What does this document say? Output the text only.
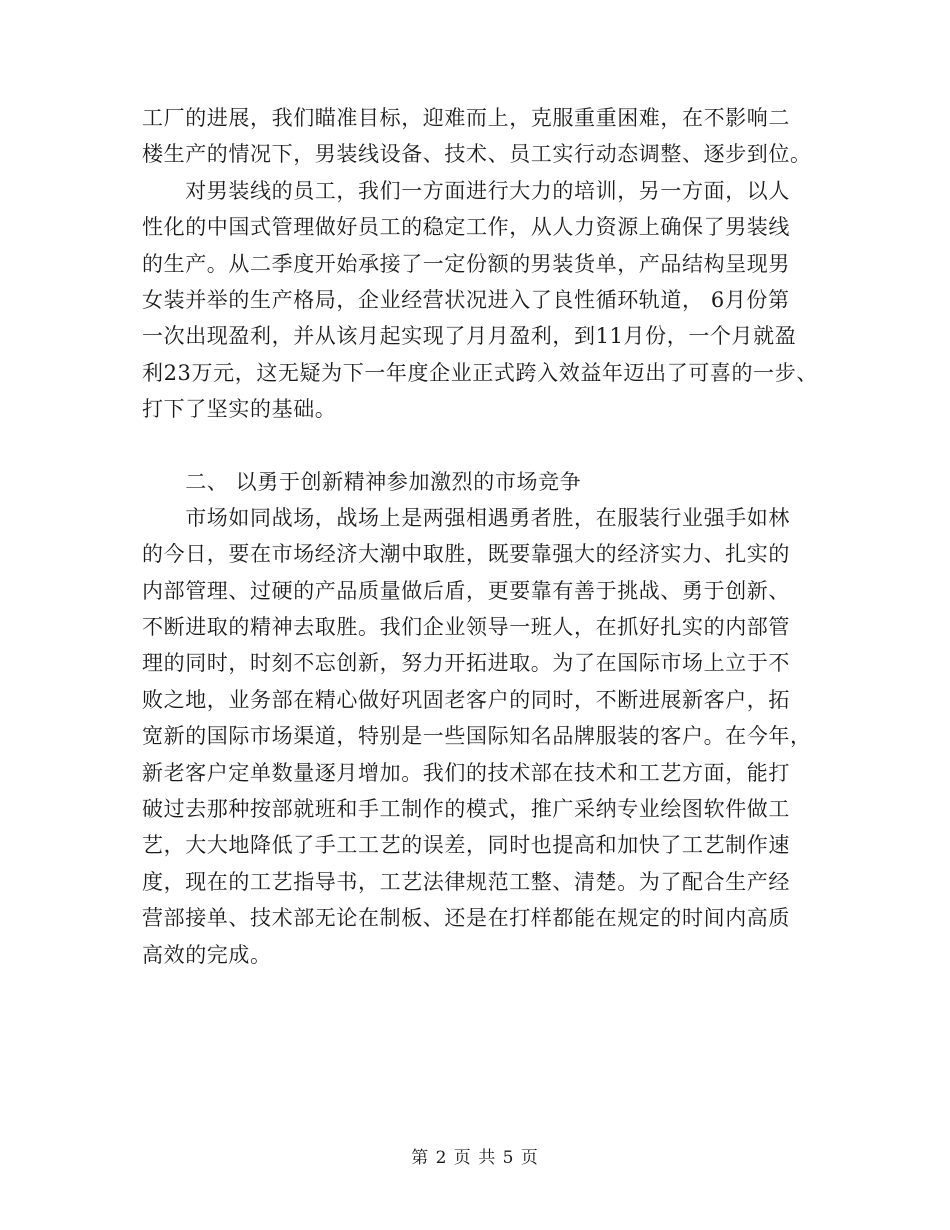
工厂的进展，我们瞄准目标，迎难而上，克服重重困难，在不影响二
楼生产的情况下，男装线设备、技术、员工实行动态调整、逐步到位。
　　对男装线的员工，我们一方面进行大力的培训，另一方面，以人
性化的中国式管理做好员工的稳定工作，从人力资源上确保了男装线
的生产。从二季度开始承接了一定份额的男装货单，产品结构呈现男
女装并举的生产格局，企业经营状况进入了良性循环轨道， 6月份第
一次出现盈利，并从该月起实现了月月盈利，到11月份，一个月就盈
利23万元，这无疑为下一年度企业正式跨入效益年迈出了可喜的一步、
打下了坚实的基础。
　　二、 以勇于创新精神参加激烈的市场竞争
　　市场如同战场，战场上是两强相遇勇者胜，在服装行业强手如林
的今日，要在市场经济大潮中取胜，既要靠强大的经济实力、扎实的
内部管理、过硬的产品质量做后盾，更要靠有善于挑战、勇于创新、
不断进取的精神去取胜。我们企业领导一班人，在抓好扎实的内部管
理的同时，时刻不忘创新，努力开拓进取。为了在国际市场上立于不
败之地，业务部在精心做好巩固老客户的同时，不断进展新客户，拓
宽新的国际市场渠道，特别是一些国际知名品牌服装的客户。在今年，
新老客户定单数量逐月增加。我们的技术部在技术和工艺方面，能打
破过去那种按部就班和手工制作的模式，推广采纳专业绘图软件做工
艺，大大地降低了手工工艺的误差，同时也提高和加快了工艺制作速
度，现在的工艺指导书，工艺法律规范工整、清楚。为了配合生产经
营部接单、技术部无论在制板、还是在打样都能在规定的时间内高质
高效的完成。
第 2 页 共 5 页
